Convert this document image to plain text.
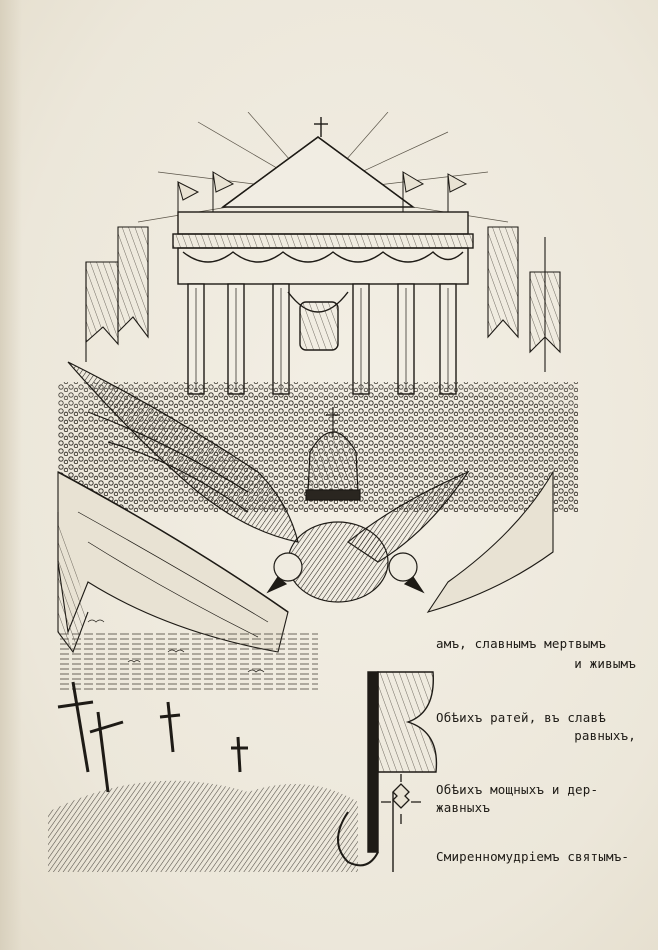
амъ, славнымъ мертвымъ
и живымъ
Обѣихъ ратей, въ славѣ
равныхъ,
Обѣихъ мощныхъ и дер-
жавныхъ
Смиренномудріемъ святымъ-
